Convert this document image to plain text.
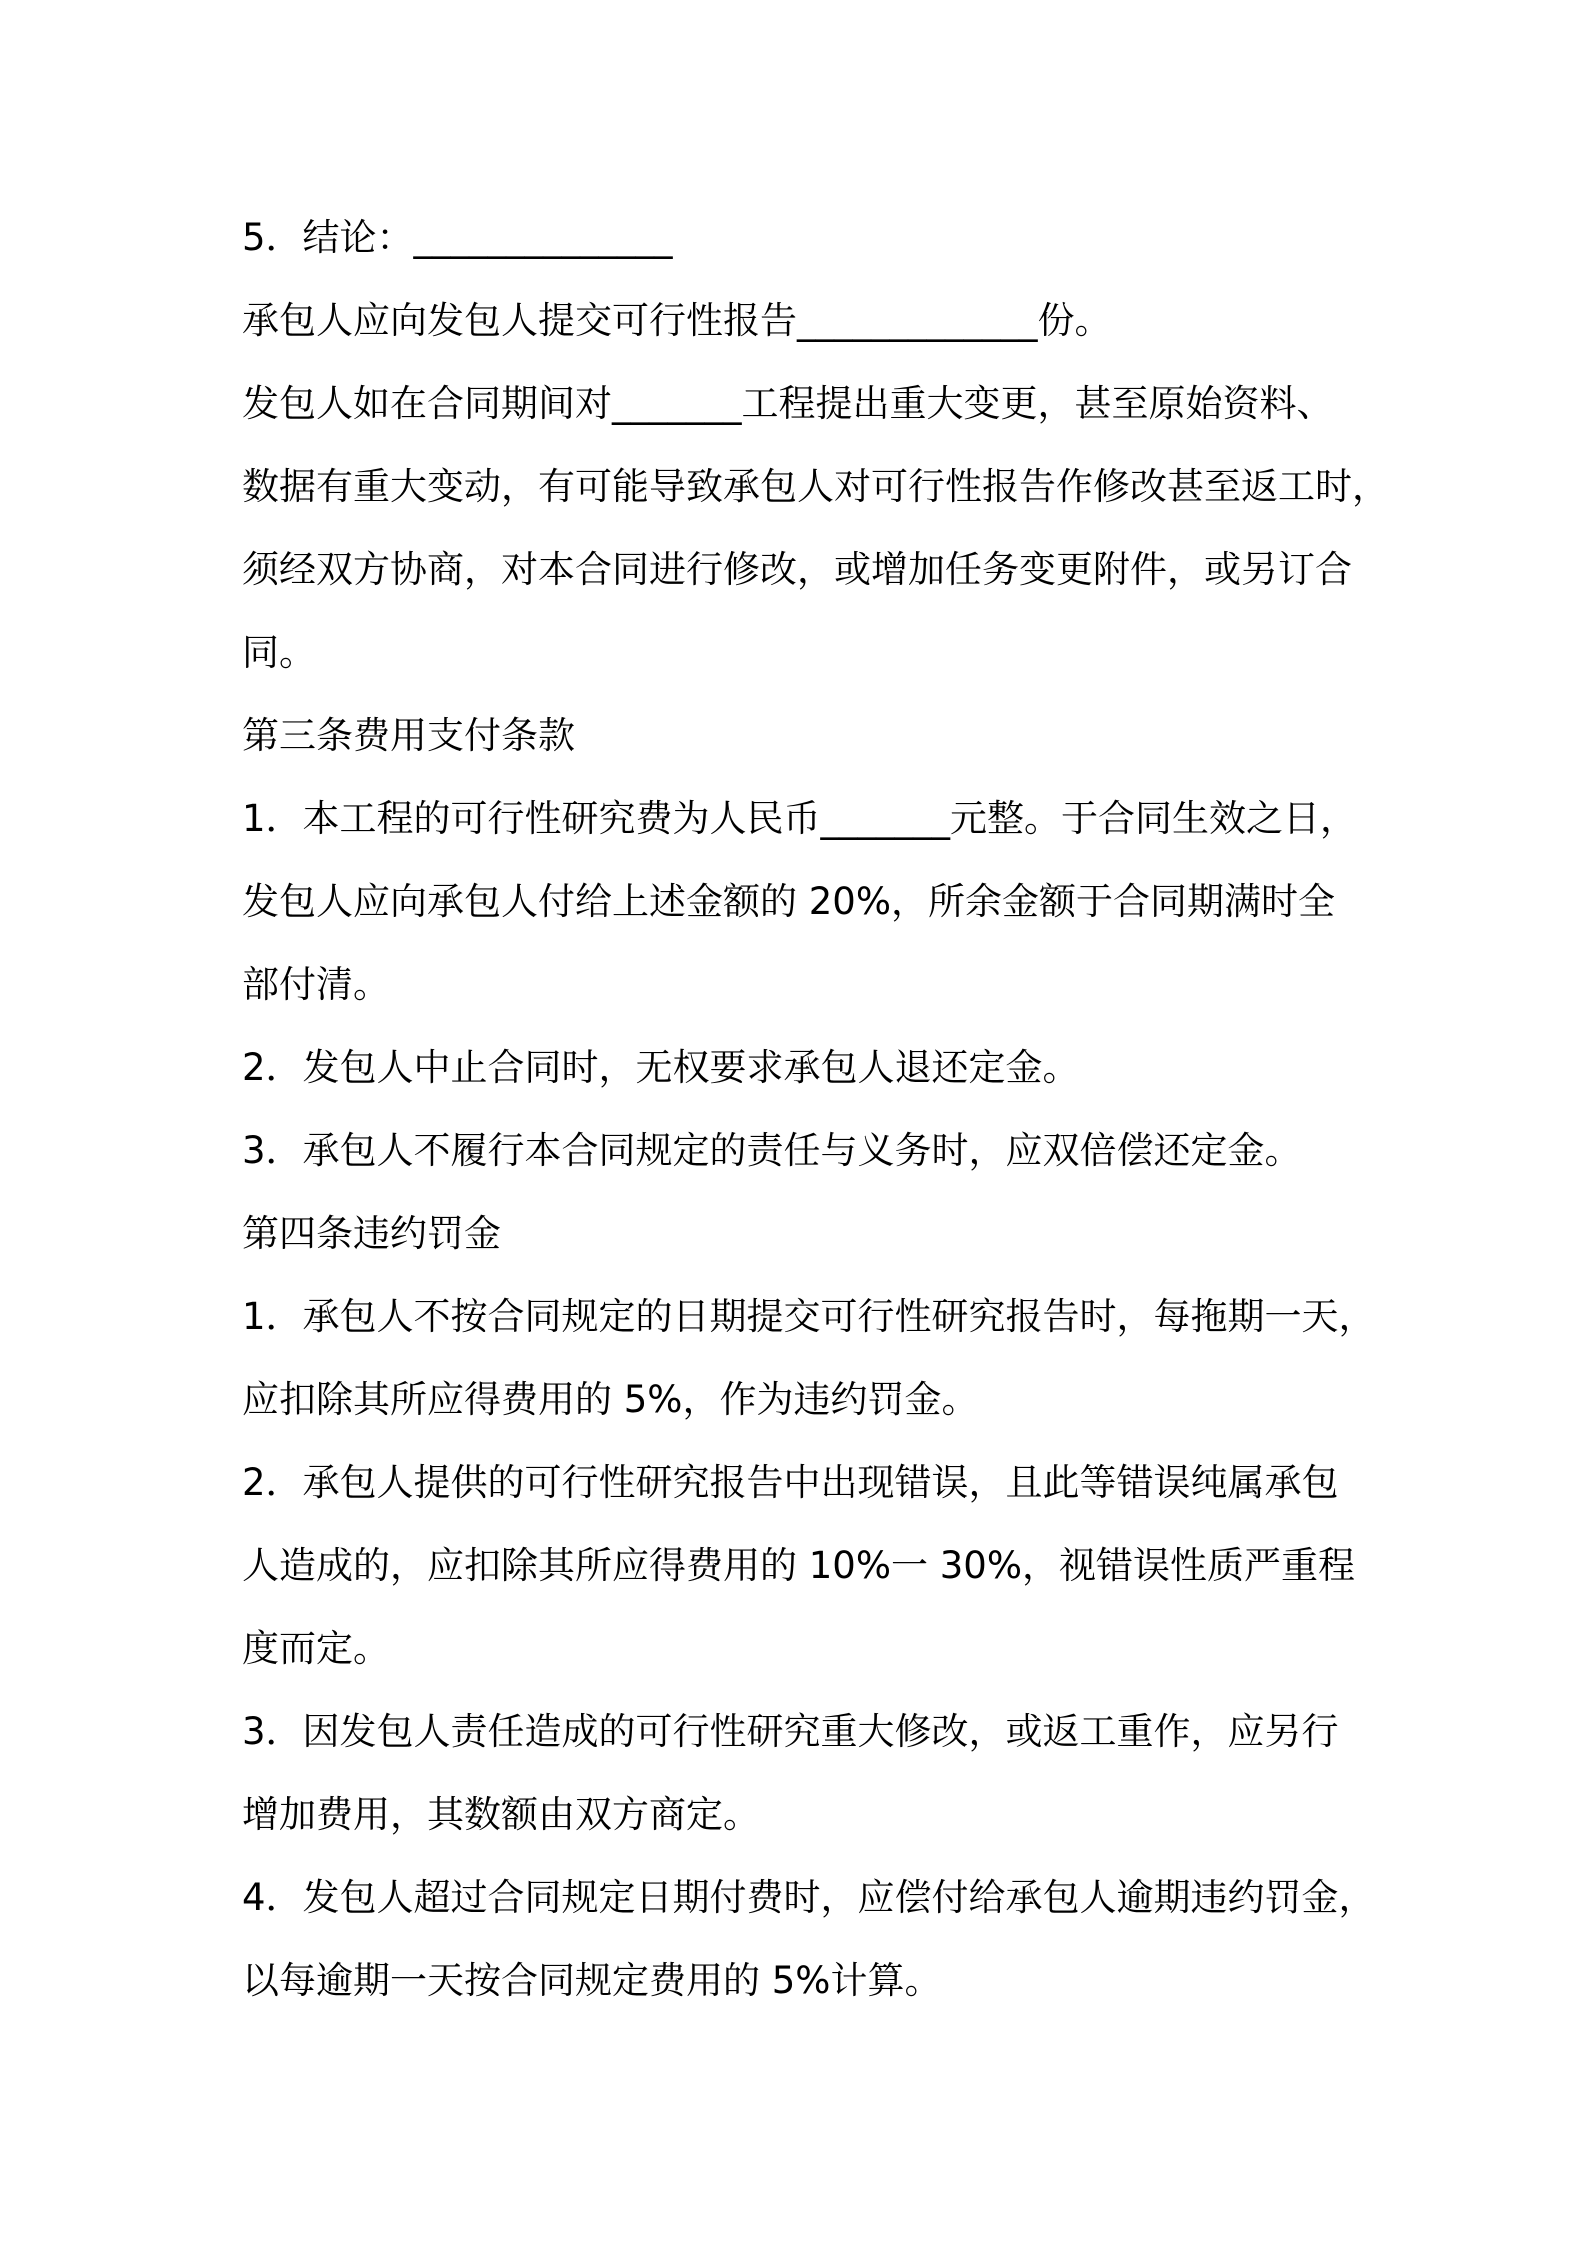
5．结论：______________
承包人应向发包人提交可行性报告_____________份。
发包人如在合同期间对_______工程提出重大变更，甚至原始资料、
数据有重大变动，有可能导致承包人对可行性报告作修改甚至返工时，
须经双方协商，对本合同进行修改，或增加任务变更附件，或另订合
同。
第三条费用支付条款
1．本工程的可行性研究费为人民币_______元整。于合同生效之日，
发包人应向承包人付给上述金额的 20%，所余金额于合同期满时全
部付清。
2．发包人中止合同时，无权要求承包人退还定金。
3．承包人不履行本合同规定的责任与义务时，应双倍偿还定金。
第四条违约罚金
1．承包人不按合同规定的日期提交可行性研究报告时，每拖期一天，
应扣除其所应得费用的 5%，作为违约罚金。
2．承包人提供的可行性研究报告中出现错误，且此等错误纯属承包
人造成的，应扣除其所应得费用的 10%一 30%，视错误性质严重程
度而定。
3．因发包人责任造成的可行性研究重大修改，或返工重作，应另行
增加费用，其数额由双方商定。
4．发包人超过合同规定日期付费时，应偿付给承包人逾期违约罚金，
以每逾期一天按合同规定费用的 5%计算。
